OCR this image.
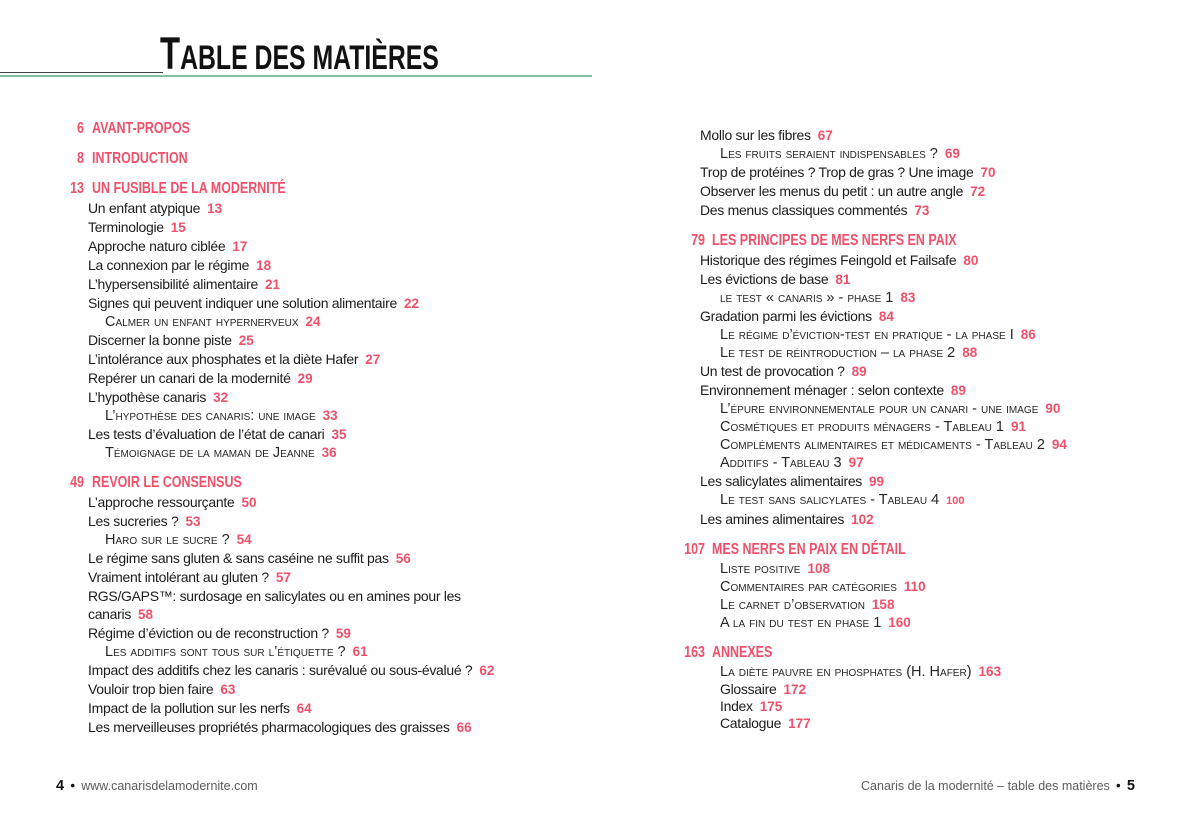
TABLE DES MATIÈRES
6 AVANT-PROPOS
8 INTRODUCTION
13 UN FUSIBLE DE LA MODERNITÉ
Un enfant atypique 13
Terminologie 15
Approche naturo ciblée 17
La connexion par le régime 18
L’hypersensibilité alimentaire 21
Signes qui peuvent indiquer une solution alimentaire 22
Calmer un enfant hypernerveux 24
Discerner la bonne piste 25
L’intolérance aux phosphates et la diète Hafer 27
Repérer un canari de la modernité 29
L’hypothèse canaris 32
L’hypothèse des canaris: une image 33
Les tests d’évaluation de l’état de canari 35
Témoignage de la maman de Jeanne 36
49 REVOIR LE CONSENSUS
L’approche ressourçante 50
Les sucreries ? 53
Haro sur le sucre ? 54
Le régime sans gluten & sans caséine ne suffit pas 56
Vraiment intolérant au gluten ? 57
RGS/GAPS™: surdosage en salicylates ou en amines pour les canaris 58
Régime d’éviction ou de reconstruction ? 59
Les additifs sont tous sur l’étiquette ? 61
Impact des additifs chez les canaris : surévalué ou sous-évalué ? 62
Vouloir trop bien faire 63
Impact de la pollution sur les nerfs 64
Les merveilleuses propriétés pharmacologiques des graisses 66
Mollo sur les fibres 67
Les fruits seraient indispensables ? 69
Trop de protéines ? Trop de gras ? Une image 70
Observer les menus du petit : un autre angle 72
Des menus classiques commentés 73
79 LES PRINCIPES DE MES NERFS EN PAIX
Historique des régimes Feingold et Failsafe 80
Les évictions de base 81
le test « canaris » - phase 1 83
Gradation parmi les évictions 84
Le régime d’éviction-test en pratique - la phase I 86
Le test de réintroduction – la phase 2 88
Un test de provocation ? 89
Environnement ménager : selon contexte 89
L’épure environnementale pour un canari - une image 90
Cosmétiques et produits ménagers - Tableau 1 91
Compléments alimentaires et médicaments - Tableau 2 94
Additifs - Tableau 3 97
Les salicylates alimentaires 99
Le test sans salicylates - Tableau 4 100
Les amines alimentaires 102
107 MES NERFS EN PAIX EN DÉTAIL
Liste positive 108
Commentaires par catégories 110
Le carnet d’observation 158
A la fin du test en phase 1 160
163 ANNEXES
La diète pauvre en phosphates (H. Hafer) 163
Glossaire 172
Index 175
Catalogue 177
4 ● www.canarisdelamodernite.com	Canaris de la modernité – table des matières ● 5
